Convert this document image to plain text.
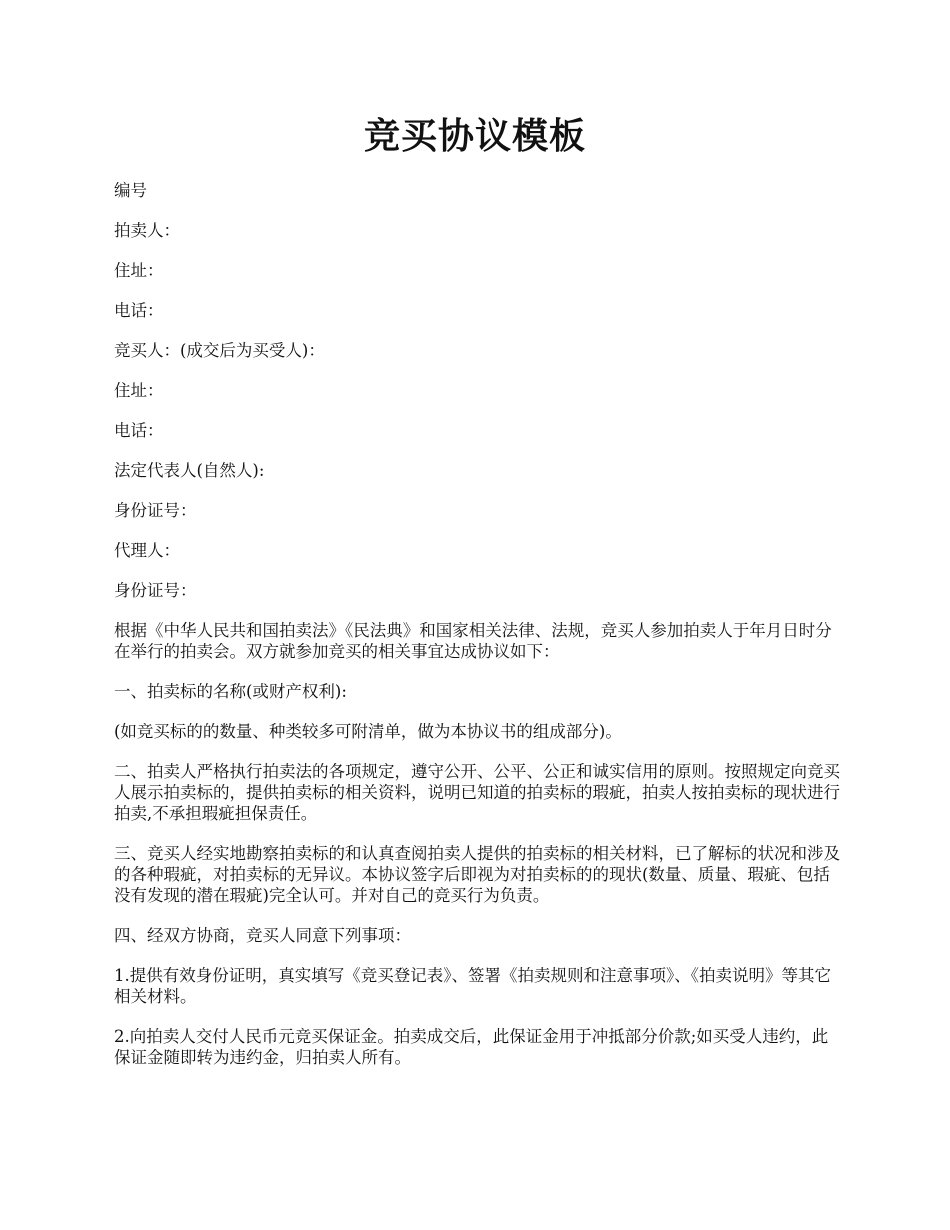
竞买协议模板

编号

拍卖人：

住址：

电话：

竞买人：(成交后为买受人)：

住址：

电话：

法定代表人(自然人):

身份证号：

代理人：

身份证号：

根据《中华人民共和国拍卖法》《民法典》和国家相关法律、法规，竞买人参加拍卖人于年月日时分在举行的拍卖会。双方就参加竞买的相关事宜达成协议如下：

一、拍卖标的名称(或财产权利):

(如竞买标的的数量、种类较多可附清单，做为本协议书的组成部分)。

二、拍卖人严格执行拍卖法的各项规定，遵守公开、公平、公正和诚实信用的原则。按照规定向竞买人展示拍卖标的，提供拍卖标的相关资料，说明已知道的拍卖标的瑕疵，拍卖人按拍卖标的现状进行拍卖,不承担瑕疵担保责任。

三、竞买人经实地勘察拍卖标的和认真查阅拍卖人提供的拍卖标的相关材料，已了解标的状况和涉及的各种瑕疵，对拍卖标的无异议。本协议签字后即视为对拍卖标的的现状(数量、质量、瑕疵、包括没有发现的潜在瑕疵)完全认可。并对自己的竞买行为负责。

四、经双方协商，竞买人同意下列事项：

1.提供有效身份证明，真实填写《竞买登记表》、签署《拍卖规则和注意事项》、《拍卖说明》等其它相关材料。

2.向拍卖人交付人民币元竞买保证金。拍卖成交后，此保证金用于冲抵部分价款;如买受人违约，此保证金随即转为违约金，归拍卖人所有。
